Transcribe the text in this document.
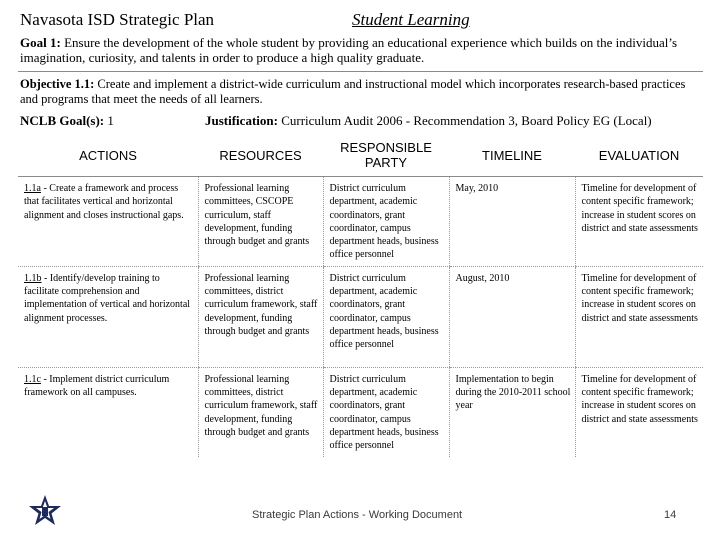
Navasota ISD Strategic Plan	Student Learning
Goal 1: Ensure the development of the whole student by providing an educational experience which builds on the individual’s imagination, curiosity, and talents in order to produce a high quality graduate.
Objective 1.1: Create and implement a district-wide curriculum and instructional model which incorporates research-based practices and programs that meet the needs of all learners.
NCLB Goal(s): 1	Justification: Curriculum Audit 2006 - Recommendation 3, Board Policy EG (Local)
ACTIONS	RESOURCES	RESPONSIBLE PARTY	TIMELINE	EVALUATION
1.1a - Create a framework and process that facilitates vertical and horizontal alignment and closes instructional gaps.	Professional learning committees, CSCOPE curriculum, staff development, funding through budget and grants	District curriculum department, academic coordinators, grant coordinator, campus department heads, business office personnel	May, 2010	Timeline for development of content specific framework; increase in student scores on district and state assessments
1.1b - Identify/develop training to facilitate comprehension and implementation of vertical and horizontal alignment processes.	Professional learning committees, district curriculum framework, staff development, funding through budget and grants	District curriculum department, academic coordinators, grant coordinator, campus department heads, business office personnel	August, 2010	Timeline for development of content specific framework; increase in student scores on district and state assessments
1.1c - Implement district curriculum framework on all campuses.	Professional learning committees, district curriculum framework, staff development, funding through budget and grants	District curriculum department, academic coordinators, grant coordinator, campus department heads, business office personnel	Implementation to begin during the 2010-2011 school year	Timeline for development of content specific framework; increase in student scores on district and state assessments
Strategic Plan Actions - Working Document	14
